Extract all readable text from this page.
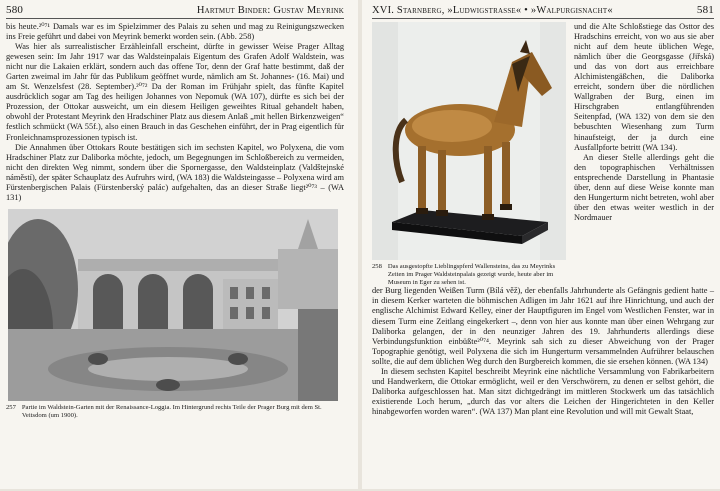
580	Hartmut Binder: Gustav Meyrink

bis heute.²⁰⁷¹ Damals war es im Spielzimmer des Palais zu sehen und mag zu Reinigungszwecken ins Freie geführt und dabei von Meyrink bemerkt worden sein. (Abb. 258)

Was hier als surrealistischer Erzähleinfall erscheint, dürfte in gewisser Weise Prager Alltag gewesen sein: Im Jahr 1917 war das Waldsteinpalais Eigentum des Grafen Adolf Waldstein, was nicht nur die Lakaien erklärt, sondern auch das offene Tor, denn der Graf hatte bestimmt, daß der Garten zweimal im Jahr für das Publikum geöffnet wurde, nämlich am St. Johannes- (16. Mai) und am St. Wenzelsfest (28. September).²⁰⁷² Da der Roman im Frühjahr spielt, das fünfte Kapitel ausdrücklich sogar am Tag des heiligen Johannes von Nepomuk (WA 107), dürfte es sich bei der Prozession, der Ottokar ausweicht, um ein diesem Heiligen geweihtes Ritual gehandelt haben, obwohl der Protestant Meyrink den Hradschiner Platz aus diesem Anlaß „mit hellen Birkenzweigen“ festlich schmückt (WA 55f.), also einen Brauch in das Geschehen einführt, der in Prag eigentlich für Fronleichnamsprozessionen typisch ist.

Die Annahmen über Ottokars Route bestätigen sich im sechsten Kapitel, wo Polyxena, die vom Hradschiner Platz zur Daliborka möchte, jedoch, um Begegnungen im Schloßbereich zu vermeiden, nicht den direkten Weg nimmt, sondern über die Spornergasse, den Waldsteinplatz (Valdštejnské náměstí), der später Schauplatz des Aufruhrs wird, (WA 183) die Waldsteingasse – Polyxena wird am Fürstenbergischen Palais (Fürstenberský palác) aufgehalten, das an dieser Straße liegt²⁰⁷³ – (WA 131)

257 Partie im Waldstein-Garten mit der Renaissance-Loggia. Im Hintergrund rechts Teile der Prager Burg mit dem St. Veitsdom (um 1900).
XVI. Starnberg, »Ludwigstrasse« • »Walpurgisnacht«	581
258 Das ausgestopfte Lieblingspferd Wallensteins, das zu Meyrinks Zeiten im Prager Waldsteinpalais gezeigt wurde, heute aber im Museum in Eger zu sehen ist.

und die Alte Schloßstiege das Osttor des Hradschins erreicht, von wo aus sie aber nicht auf dem heute üblichen Wege, nämlich über die Georgsgasse (Jiřská) und das von dort aus erreichbare Alchimistengäßchen, die Daliborka erreicht, sondern über die nördlichen Wallgraben der Burg, einen im Hirschgraben entlangführenden Seitenpfad, (WA 132) von dem sie den bebuschten Wiesenhang zum Turm hinaufsteigt, der ja durch eine Ausfallpforte betritt (WA 134).

An dieser Stelle allerdings geht die den topographischen Verhältnissen entsprechende Darstellung in Phantasie über, denn auf diese Weise konnte man den Hungerturm nicht betreten, wohl aber über den etwas weiter westlich in der Nordmauer

der Burg liegenden Weißen Turm (Bílá věž), der ebenfalls Jahrhunderte als Gefängnis gedient hatte – in diesem Kerker warteten die böhmischen Adligen im Jahr 1621 auf ihre Hinrichtung, und auch der englische Alchimist Edward Kelley, einer der Hauptfiguren im Engel vom Westlichen Fenster, war in diesem Turm eine Zeitlang eingekerkert –, denn von hier aus konnte man über einen Wehrgang zur Daliborka gelangen, der in den neunziger Jahren des 19. Jahrhunderts allerdings diese Verbindungsfunktion einbüßte²⁰⁷⁴. Meyrink sah sich zu dieser Abweichung von der Prager Topographie genötigt, weil Polyxena die sich im Hungerturm versammelnden Aufrührer belauschen sollte, die auf dem üblichen Weg durch den Burgbereich kommen, die sie ersehen können. (WA 134)

In diesem sechsten Kapitel beschreibt Meyrink eine nächtliche Versammlung von Fabrikarbeitern und Handwerkern, die Ottokar ermöglicht, weil er den Verschwörern, zu denen er selbst gehört, die Daliborka aufgeschlossen hat. Man sitzt dichtgedrängt im mittleren Stockwerk um das tatsächlich existierende Loch herum, „durch das vor alters die Leichen der Hingerichteten in den Keller hinabgeworfen worden waren“. (WA 137) Man plant eine Revolution und will mit Gewalt Staat,
